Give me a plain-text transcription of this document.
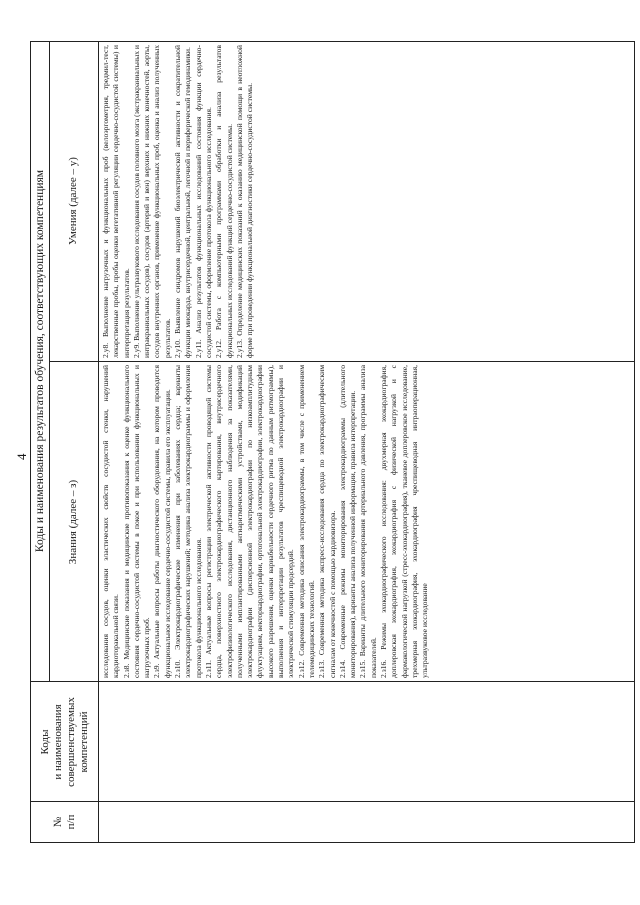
4
№
п/п
Коды
и наименования
совершенствуемых
компетенций
Коды и наименования результатов обучения, соответствующих компетенциям	Знания (далее – з)
Умения (далее – у)

исследования сосудов, оценки эластических свойств сосудистой стенки, нарушений кардиоторакальной связи. 2.з8. Медицинские показания и медицинские противопоказания к оценке функционального состояния сердечно-сосудистой системы в покое и при использовании функциональных и нагрузочных проб. 2.з9. Актуальные вопросы работы диагностического оборудования, на котором проводится функциональное исследование сердечно-сосудистой системы, правила его эксплуатации. 2.з10. Электрокардиографические изменения при заболеваниях сердца; варианты электрокардиографических нарушений; методика анализа электрокардиограммы и оформления протокола функционального исследования. 2.з11. Актуальные вопросы регистрации электрической активности проводящей системы сердца, поверхностного электрокардиографического картирования, внутрисердечного электрофизиологического исследования, дистанционного наблюдения за показателями, полученными имплантированными антиаритмическими устройствами, модификаций электрокардиографии (дисперсионной электрокардиографии по низкоамплитудным флуктуациям, векторкардиографии, ортогональной электрокардиографии, электрокардиографии высокого разрешения, оценки вариабельности сердечного ритма по данным ритмограммы), выполнения и интерпретации результатов чреспищеводной электрокардиографии и электрической стимуляции предсердий. 2.з12. Современная методика описания электрокардиограммы, в том числе с применением телемедицинских технологий. 2.з13. Современная методика экспресс-исследования сердца по электрокардиографическим сигналам от конечностей с помощью кардиовизора. 2.з14. Современные режимы мониторирования электрокардиограммы (длительного мониторирования), варианты анализа полученной информации, правила интерпретации. 2.з15. Варианты длительного мониторирования артериального давления, программы анализа показателей. 2.з16. Режимы эхокардиографического исследования: двухмерная эхокардиография, доплеровская эхокардиография, эхокардиография с физической нагрузкой и с фармакологической нагрузкой (стресс-эхокардиография), тканевое доплеровское исследование, трехмерная эхокардиография, эхокардиография чреспищеводная интраоперационная, ультразвуковое исследование

2.у8. Выполнение нагрузочных и функциональных проб (велоэргометрия, тредмил-тест, лекарственные пробы, пробы оценки вегетативной регуляции сердечно-сосудистой системы) и интерпретация результатов. 2.у9. Выполнение ультразвукового исследования сосудов головного мозга (экстракраниальных и интракраниальных сосудов), сосудов (артерий и вен) верхних и нижних конечностей, аорты, сосудов внутренних органов, применение функциональных проб, оценка и анализ полученных результатов. 2.у10. Выявление синдромов нарушений биоэлектрической активности и сократительной функции миокарда, внутрисердечной, центральной, легочной и периферической гемодинамики. 2.у11. Анализ результатов функциональных исследований состояния функции сердечно-сосудистой системы, оформление протокола функционального исследования. 2.у12. Работа с компьютерными программами обработки и анализа результатов функциональных исследований функций сердечно-сосудистой системы. 2.у13. Определение медицинских показаний к оказанию медицинской помощи в неотложной форме при проведении функциональной диагностики сердечно-сосудистой системы.
